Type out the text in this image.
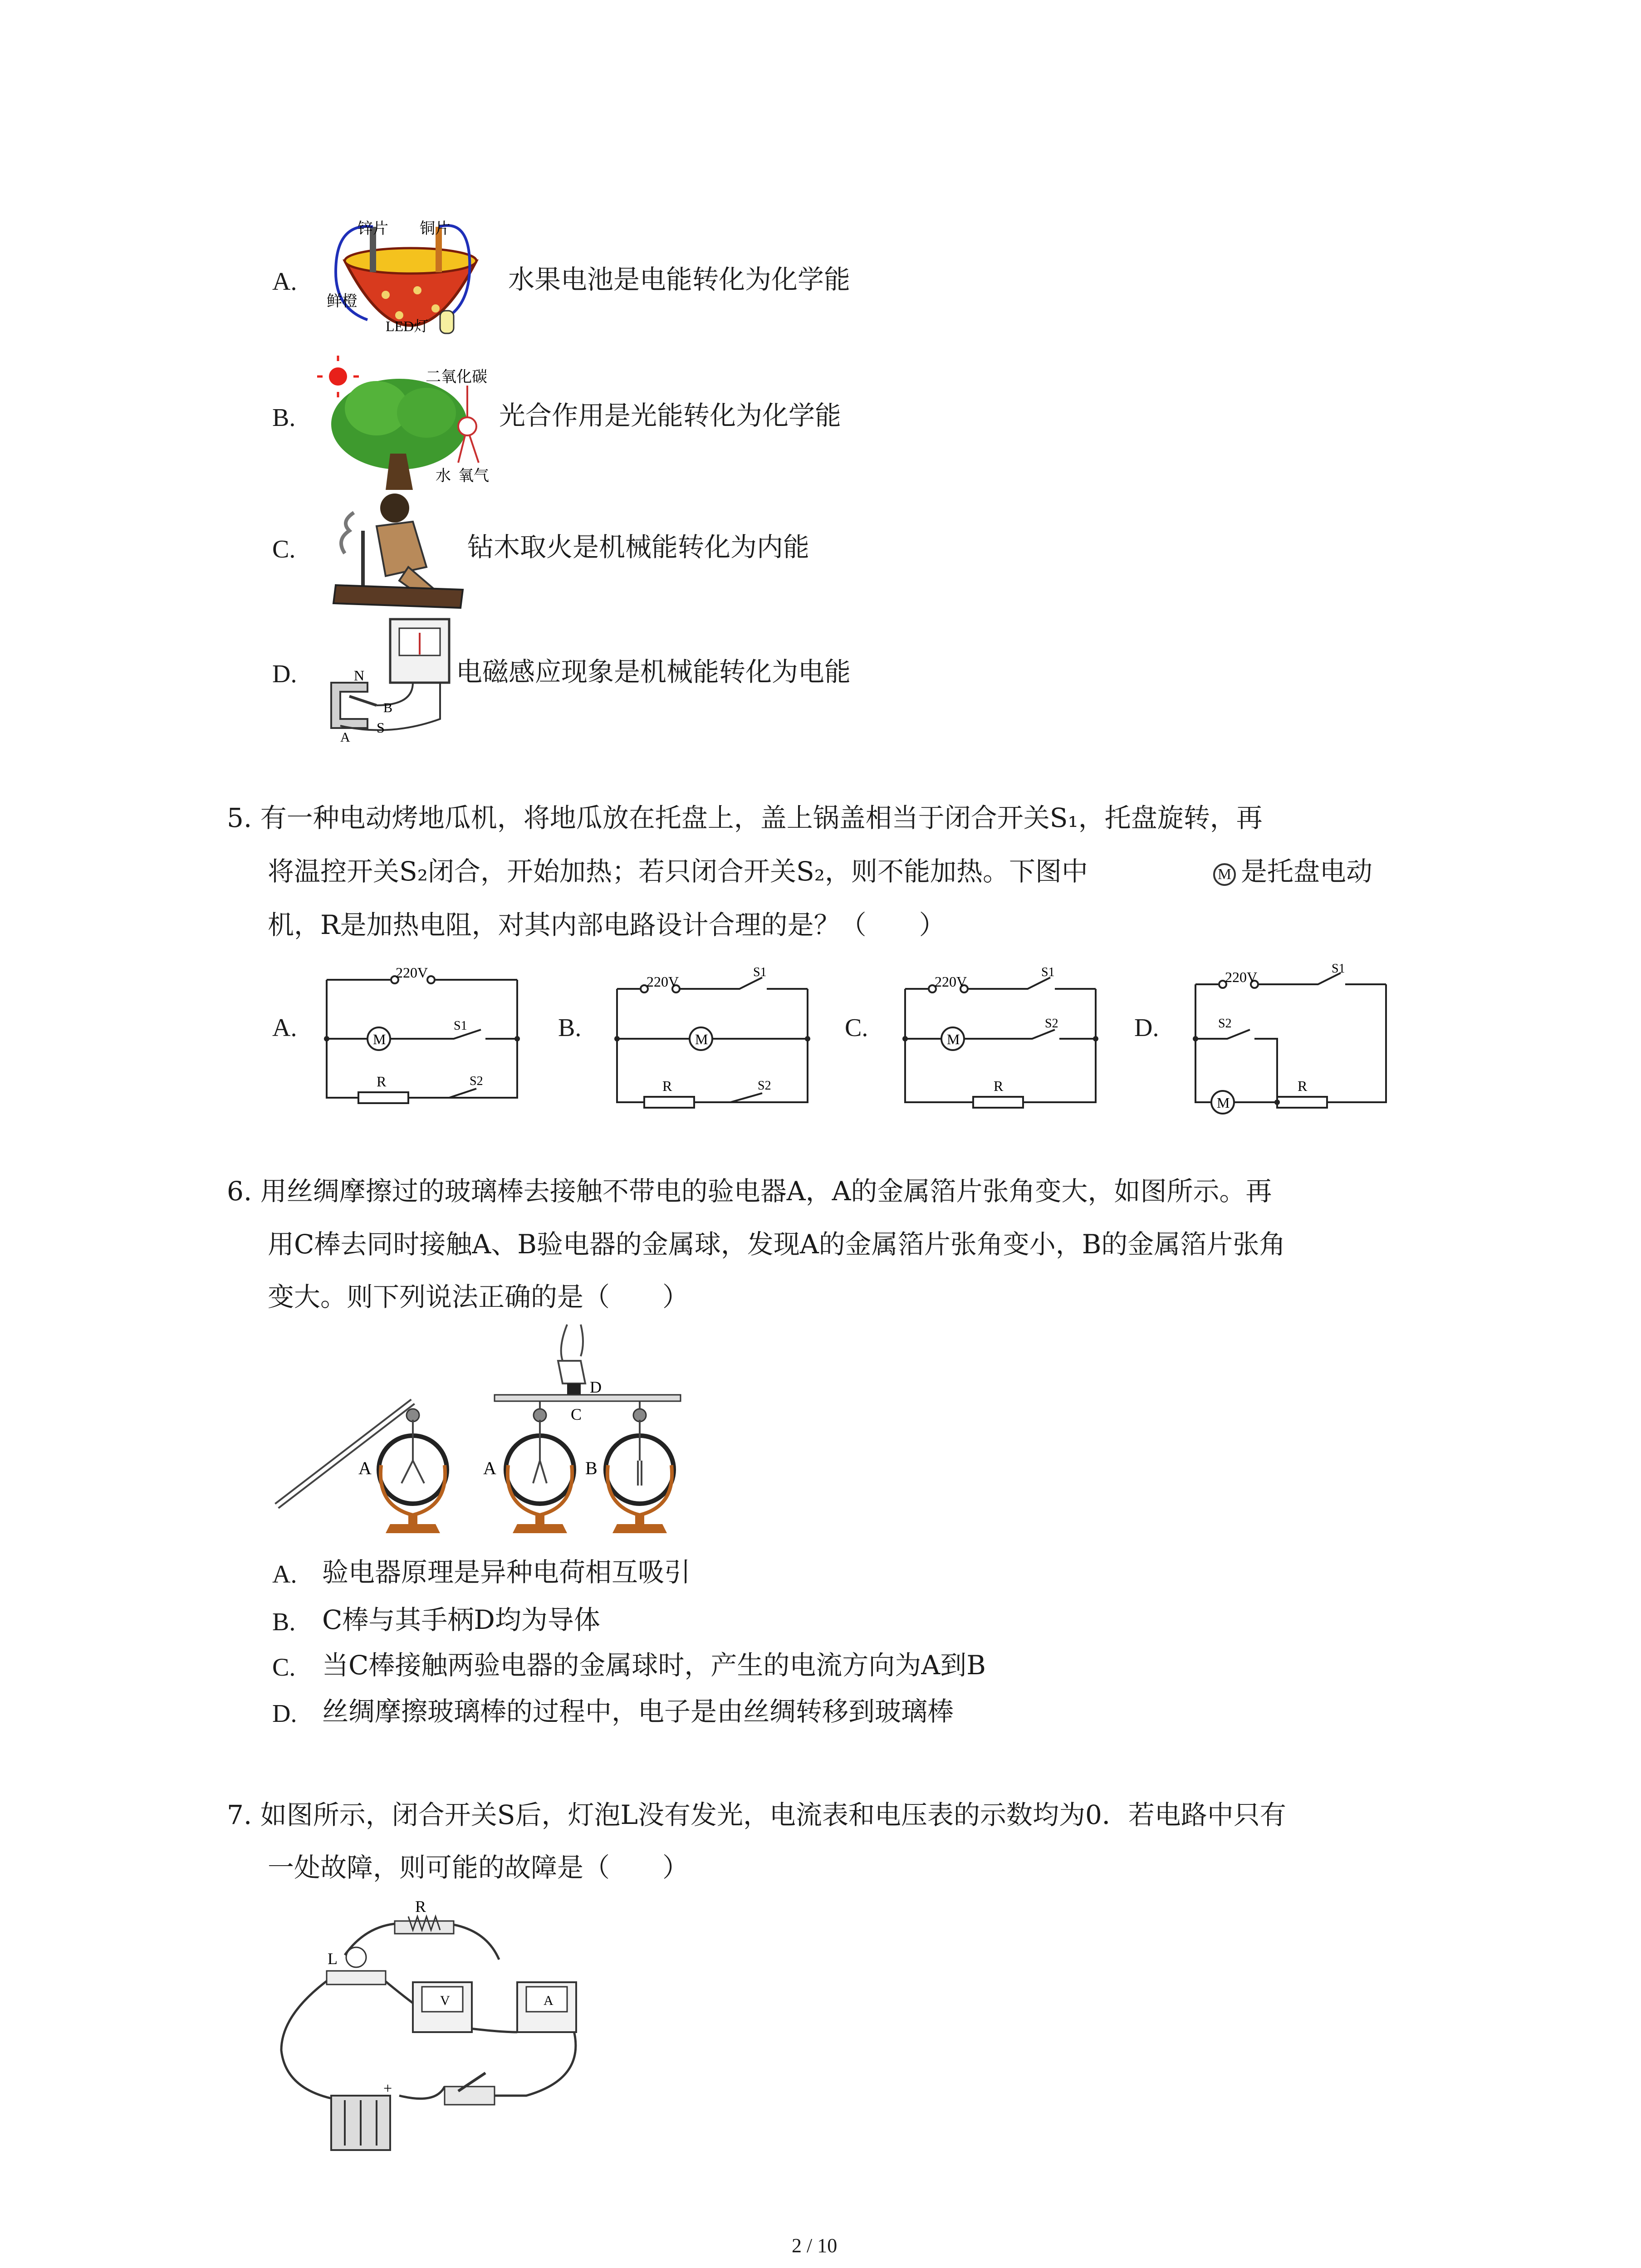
A.
锌片 铜片
鲜橙
LED灯
水果电池是电能转化为化学能
B.
二氧化碳
水 氧气
光合作用是光能转化为化学能
C.	钻木取火是机械能转化为内能
D.	N
S
A
B
电磁感应现象是机械能转化为电能
5. 有一种电动烤地瓜机，将地瓜放在托盘上，盖上锅盖相当于闭合开关S₁，托盘旋转，再
将温控开关S₂闭合，开始加热；若只闭合开关S₂，则不能加热。下图中	M 是托盘电动
机，R是加热电阻，对其内部电路设计合理的是？（　　）
A.
220V
M
S1
R	S2
B.
220V
M
S1
R	S2
C.
220V
M
S1
R
S2	D.
220V
M
S1
R
S2
6. 用丝绸摩擦过的玻璃棒去接触不带电的验电器A，A的金属箔片张角变大，如图所示。再
用C棒去同时接触A、B验电器的金属球，发现A的金属箔片张角变小，B的金属箔片张角
变大。则下列说法正确的是（　　）
A	A	B
C
D
A. 验电器原理是异种电荷相互吸引
B. C棒与其手柄D均为导体
C. 当C棒接触两验电器的金属球时，产生的电流方向为A到B
D. 丝绸摩擦玻璃棒的过程中，电子是由丝绸转移到玻璃棒
7. 如图所示，闭合开关S后，灯泡L没有发光，电流表和电压表的示数均为0．若电路中只有
一处故障，则可能的故障是（　　）
R
L
V	A
+
2 / 10
